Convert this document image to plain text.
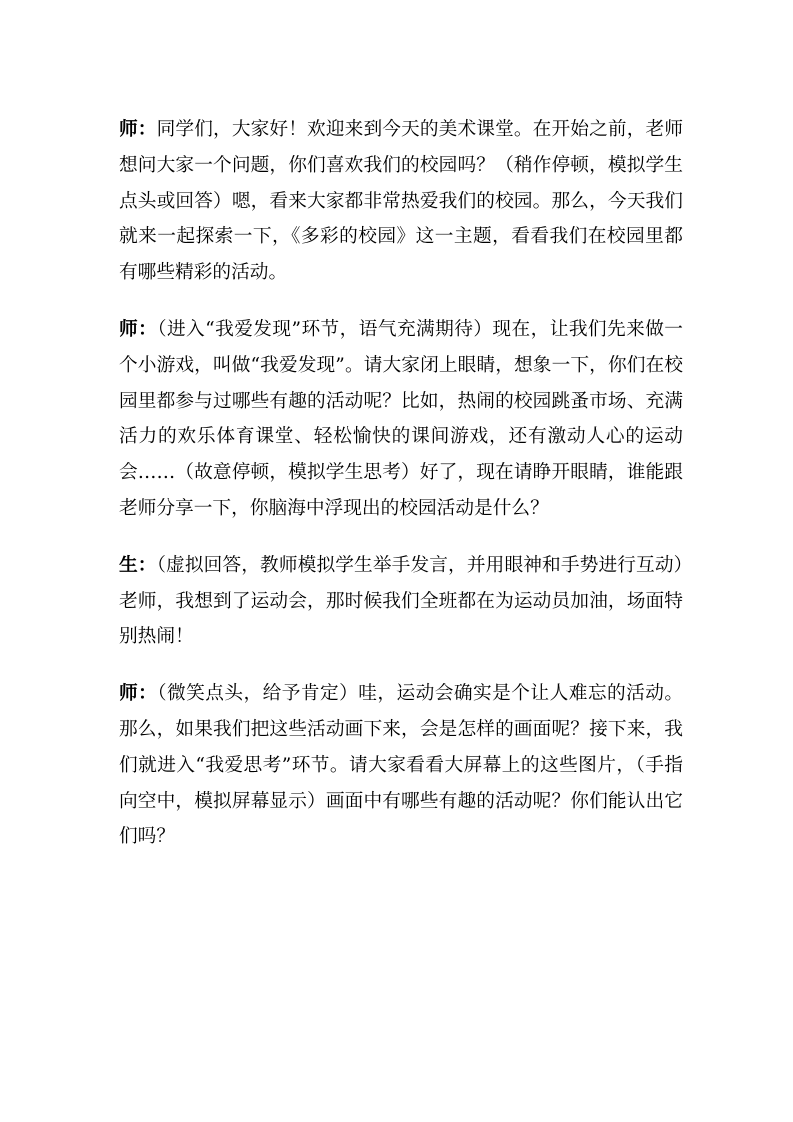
师：同学们，大家好！欢迎来到今天的美术课堂。在开始之前，老师想问大家一个问题，你们喜欢我们的校园吗？（稍作停顿，模拟学生点头或回答）嗯，看来大家都非常热爱我们的校园。那么，今天我们就来一起探索一下，《多彩的校园》这一主题，看看我们在校园里都有哪些精彩的活动。

师：（进入“我爱发现”环节，语气充满期待）现在，让我们先来做一个小游戏，叫做“我爱发现”。请大家闭上眼睛，想象一下，你们在校园里都参与过哪些有趣的活动呢？比如，热闹的校园跳蚤市场、充满活力的欢乐体育课堂、轻松愉快的课间游戏，还有激动人心的运动会……（故意停顿，模拟学生思考）好了，现在请睁开眼睛，谁能跟老师分享一下，你脑海中浮现出的校园活动是什么？

生：（虚拟回答，教师模拟学生举手发言，并用眼神和手势进行互动）老师，我想到了运动会，那时候我们全班都在为运动员加油，场面特别热闹！

师：（微笑点头，给予肯定）哇，运动会确实是个让人难忘的活动。那么，如果我们把这些活动画下来，会是怎样的画面呢？接下来，我们就进入“我爱思考”环节。请大家看看大屏幕上的这些图片，（手指向空中，模拟屏幕显示）画面中有哪些有趣的活动呢？你们能认出它们吗？
